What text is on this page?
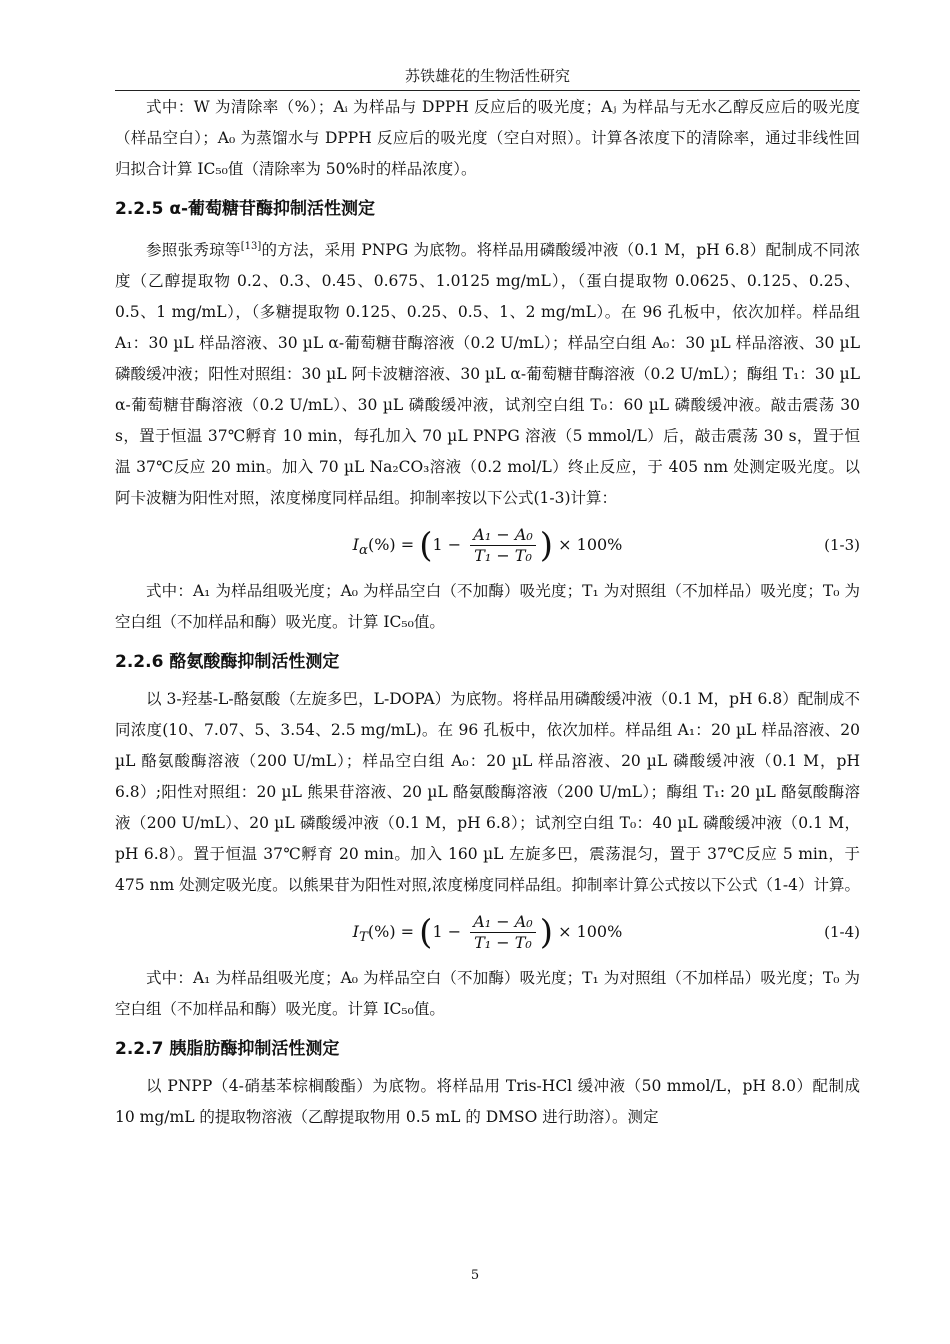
苏铁雄花的生物活性研究

式中：W 为清除率（%）；Aᵢ 为样品与 DPPH 反应后的吸光度；Aⱼ 为样品与无水乙醇反应后的吸光度（样品空白）；A₀ 为蒸馏水与 DPPH 反应后的吸光度（空白对照）。计算各浓度下的清除率，通过非线性回归拟合计算 IC₅₀值（清除率为 50%时的样品浓度）。

2.2.5 α-葡萄糖苷酶抑制活性测定

参照张秀琼等[13]的方法，采用 PNPG 为底物。将样品用磷酸缓冲液（0.1 M，pH 6.8）配制成不同浓度（乙醇提取物 0.2、0.3、0.45、0.675、1.0125 mg/mL），（蛋白提取物 0.0625、0.125、0.25、0.5、1 mg/mL），（多糖提取物 0.125、0.25、0.5、1、2 mg/mL）。在 96 孔板中，依次加样。样品组 A₁：30 µL 样品溶液、30 µL α-葡萄糖苷酶溶液（0.2 U/mL）；样品空白组 A₀：30 µL 样品溶液、30 µL 磷酸缓冲液；阳性对照组：30 µL 阿卡波糖溶液、30 µL α-葡萄糖苷酶溶液（0.2 U/mL）；酶组 T₁：30 µL α-葡萄糖苷酶溶液（0.2 U/mL）、30 µL 磷酸缓冲液，试剂空白组 T₀：60 µL 磷酸缓冲液。敲击震荡 30 s，置于恒温 37℃孵育 10 min，每孔加入 70 µL PNPG 溶液（5 mmol/L）后，敲击震荡 30 s，置于恒温 37℃反应 20 min。加入 70 µL Na₂CO₃溶液（0.2 mol/L）终止反应，于 405 nm 处测定吸光度。以阿卡波糖为阳性对照，浓度梯度同样品组。抑制率按以下公式(1-3)计算：

$I_\alpha(\%) = (1 - \frac{\text{A₁ − A₀}}{\text{T₁ − T₀}}$ ) × 100%	(1-3)

式中：A₁ 为样品组吸光度；A₀ 为样品空白（不加酶）吸光度；T₁ 为对照组（不加样品）吸光度；T₀ 为空白组（不加样品和酶）吸光度。计算 IC₅₀值。

2.2.6 酪氨酸酶抑制活性测定

以 3-羟基-L-酪氨酸（左旋多巴，L-DOPA）为底物。将样品用磷酸缓冲液（0.1 M，pH 6.8）配制成不同浓度(10、7.07、5、3.54、2.5 mg/mL)。在 96 孔板中，依次加样。样品组 A₁：20 µL 样品溶液、20 µL 酪氨酸酶溶液（200 U/mL）；样品空白组 A₀：20 µL 样品溶液、20 µL 磷酸缓冲液（0.1 M，pH 6.8）;阳性对照组：20 µL 熊果苷溶液、20 µL 酪氨酸酶溶液（200 U/mL）；酶组 T₁: 20 µL 酪氨酸酶溶液（200 U/mL）、20 µL 磷酸缓冲液（0.1 M，pH 6.8）；试剂空白组 T₀：40 µL 磷酸缓冲液（0.1 M，pH 6.8）。置于恒温 37℃孵育 20 min。加入 160 µL 左旋多巴，震荡混匀，置于 37℃反应 5 min，于 475 nm 处测定吸光度。以熊果苷为阳性对照,浓度梯度同样品组。抑制率计算公式按以下公式（1-4）计算。

$I_T(\%) = (1 - \frac{\text{A₁ − A₀}}{\text{T₁ − T₀}}$ ) × 100%	(1-4)

式中：A₁ 为样品组吸光度；A₀ 为样品空白（不加酶）吸光度；T₁ 为对照组（不加样品）吸光度；T₀ 为空白组（不加样品和酶）吸光度。计算 IC₅₀值。

2.2.7 胰脂肪酶抑制活性测定

以 PNPP（4-硝基苯棕榈酸酯）为底物。将样品用 Tris-HCl 缓冲液（50 mmol/L，pH 8.0）配制成 10 mg/mL 的提取物溶液（乙醇提取物用 0.5 mL 的 DMSO 进行助溶）。测定

5
